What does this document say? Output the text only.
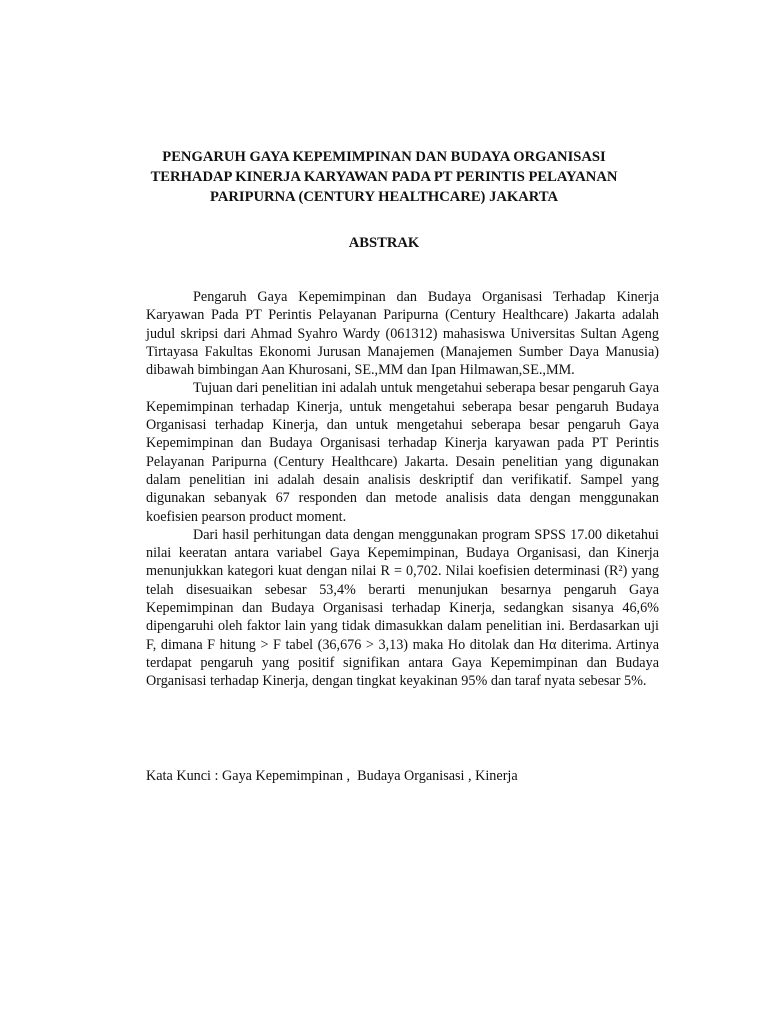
PENGARUH GAYA KEPEMIMPINAN DAN BUDAYA ORGANISASI
TERHADAP KINERJA KARYAWAN PADA PT PERINTIS PELAYANAN
PARIPURNA (CENTURY HEALTHCARE) JAKARTA
ABSTRAK

Pengaruh Gaya Kepemimpinan dan Budaya Organisasi Terhadap Kinerja Karyawan Pada PT Perintis Pelayanan Paripurna (Century Healthcare) Jakarta adalah judul skripsi dari Ahmad Syahro Wardy (061312) mahasiswa Universitas Sultan Ageng Tirtayasa Fakultas Ekonomi Jurusan Manajemen (Manajemen Sumber Daya Manusia) dibawah bimbingan Aan Khurosani, SE.,MM dan Ipan Hilmawan,SE.,MM.

Tujuan dari penelitian ini adalah untuk mengetahui seberapa besar pengaruh Gaya Kepemimpinan terhadap Kinerja, untuk mengetahui seberapa besar pengaruh Budaya Organisasi terhadap Kinerja, dan untuk mengetahui seberapa besar pengaruh Gaya Kepemimpinan dan Budaya Organisasi terhadap Kinerja karyawan pada PT Perintis Pelayanan Paripurna (Century Healthcare) Jakarta. Desain penelitian yang digunakan dalam penelitian ini adalah desain analisis deskriptif dan verifikatif. Sampel yang digunakan sebanyak 67 responden dan metode analisis data dengan menggunakan koefisien pearson product moment.

Dari hasil perhitungan data dengan menggunakan program SPSS 17.00 diketahui nilai keeratan antara variabel Gaya Kepemimpinan, Budaya Organisasi, dan Kinerja menunjukkan kategori kuat dengan nilai R = 0,702. Nilai koefisien determinasi (R²) yang telah disesuaikan sebesar 53,4% berarti menunjukan besarnya pengaruh Gaya Kepemimpinan dan Budaya Organisasi terhadap Kinerja, sedangkan sisanya 46,6% dipengaruhi oleh faktor lain yang tidak dimasukkan dalam penelitian ini. Berdasarkan uji F, dimana F hitung > F tabel (36,676 > 3,13) maka Ho ditolak dan Hα diterima. Artinya terdapat pengaruh yang positif signifikan antara Gaya Kepemimpinan dan Budaya Organisasi terhadap Kinerja, dengan tingkat keyakinan 95% dan taraf nyata sebesar 5%.

Kata Kunci : Gaya Kepemimpinan ,  Budaya Organisasi , Kinerja
